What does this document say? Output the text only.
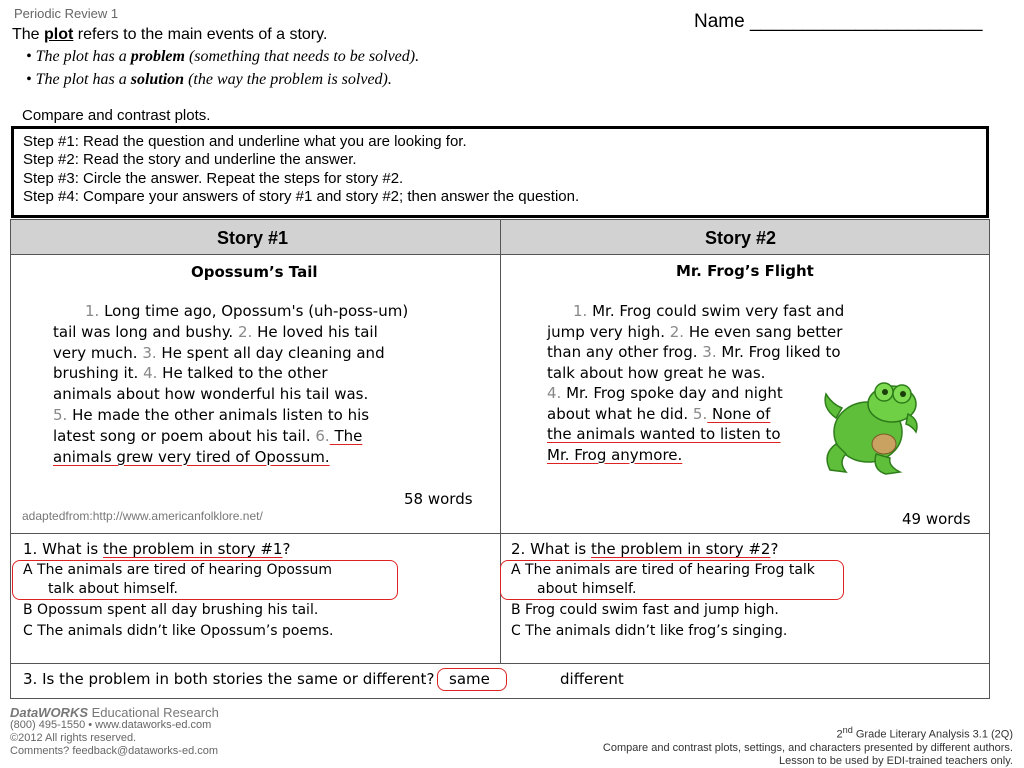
Periodic Review 1	Name ______________________
The plot refers to the main events of a story.
• The plot has a problem (something that needs to be solved).
• The plot has a solution (the way the problem is solved).
Compare and contrast plots.
Step #1: Read the question and underline what you are looking for.
Step #2: Read the story and underline the answer.
Step #3: Circle the answer. Repeat the steps for story #2.
Step #4: Compare your answers of story #1 and story #2; then answer the question.
Story #1	Story #2
Opossum’s Tail
1. Long time ago, Opossum's (uh-poss-um)
tail was long and bushy. 2. He loved his tail
very much. 3. He spent all day cleaning and
brushing it. 4. He talked to the other
animals about how wonderful his tail was.
5. He made the other animals listen to his
latest song or poem about his tail. 6. The
animals grew very tired of Opossum.
58 words
adaptedfrom:http://www.americanfolklore.net/
Mr. Frog’s Flight
1. Mr. Frog could swim very fast and
jump very high. 2. He even sang better
than any other frog. 3. Mr. Frog liked to
talk about how great he was.
4. Mr. Frog spoke day and night
about what he did. 5. None of
the animals wanted to listen to
Mr. Frog anymore.
49 words
1. What is the problem in story #1?
A The animals are tired of hearing Opossum
talk about himself.
B Opossum spent all day brushing his tail.
C The animals didn’t like Opossum’s poems.
2. What is the problem in story #2?
A The animals are tired of hearing Frog talk
about himself.
B Frog could swim fast and jump high.
C The animals didn’t like frog’s singing.
3. Is the problem in both stories the same or different? same	different
DataWORKS Educational Research
(800) 495-1550 • www.dataworks-ed.com
©2012 All rights reserved.
Comments? feedback@dataworks-ed.com
2nd Grade Literary Analysis 3.1 (2Q)
Compare and contrast plots, settings, and characters presented by different authors.
Lesson to be used by EDI-trained teachers only.
